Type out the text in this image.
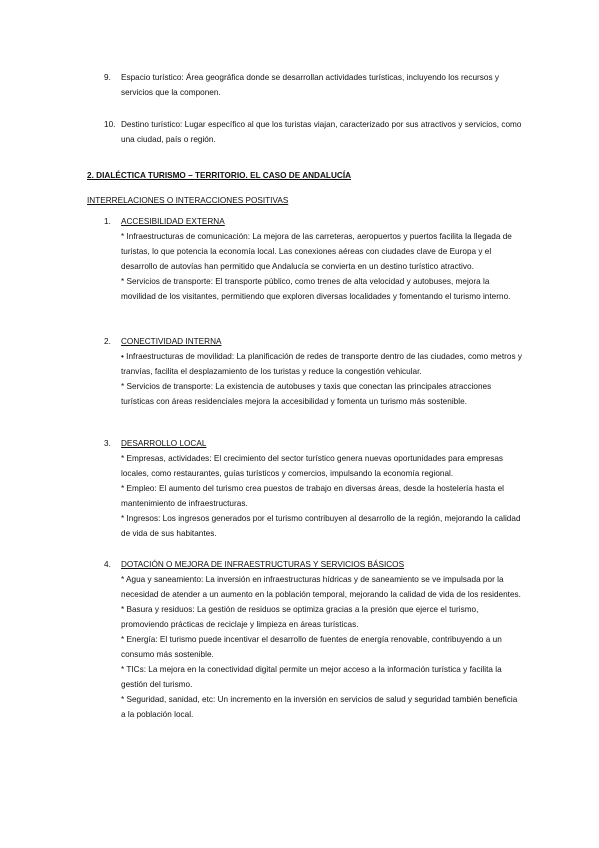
9.	Espacio turístico: Área geográfica donde se desarrollan actividades turísticas, incluyendo los recursos y servicios que la componen.
10. Destino turístico: Lugar específico al que los turistas viajan, caracterizado por sus atractivos y servicios, como una ciudad, país o región.
2. DIALÉCTICA TURISMO – TERRITORIO. EL CASO DE ANDALUCÍA
INTERRELACIONES O INTERACCIONES POSITIVAS
1.	ACCESIBILIDAD EXTERNA

* Infraestructuras de comunicación: La mejora de las carreteras, aeropuertos y puertos facilita la llegada de turistas, lo que potencia la economía local. Las conexiones aéreas con ciudades clave de Europa y el desarrollo de autovías han permitido que Andalucía se convierta en un destino turístico atractivo.

* Servicios de transporte: El transporte público, como trenes de alta velocidad y autobuses, mejora la movilidad de los visitantes, permitiendo que exploren diversas localidades y fomentando el turismo interno.

2.	CONECTIVIDAD INTERNA

• Infraestructuras de movilidad: La planificación de redes de transporte dentro de las ciudades, como metros y tranvías, facilita el desplazamiento de los turistas y reduce la congestión vehicular.

* Servicios de transporte: La existencia de autobuses y taxis que conectan las principales atracciones turísticas con áreas residenciales mejora la accesibilidad y fomenta un turismo más sostenible.

3.	DESARROLLO LOCAL

* Empresas, actividades: El crecimiento del sector turístico genera nuevas oportunidades para empresas locales, como restaurantes, guías turísticos y comercios, impulsando la economía regional.

* Empleo: El aumento del turismo crea puestos de trabajo en diversas áreas, desde la hostelería hasta el mantenimiento de infraestructuras.

* Ingresos: Los ingresos generados por el turismo contribuyen al desarrollo de la región, mejorando la calidad de vida de sus habitantes.

4.	DOTACIÓN O MEJORA DE INFRAESTRUCTURAS Y SERVICIOS BÁSICOS

* Agua y saneamiento: La inversión en infraestructuras hídricas y de saneamiento se ve impulsada por la necesidad de atender a un aumento en la población temporal, mejorando la calidad de vida de los residentes.

* Basura y residuos: La gestión de residuos se optimiza gracias a la presión que ejerce el turismo, promoviendo prácticas de reciclaje y limpieza en áreas turísticas.

* Energía: El turismo puede incentivar el desarrollo de fuentes de energía renovable, contribuyendo a un consumo más sostenible.

* TICs: La mejora en la conectividad digital permite un mejor acceso a la información turística y facilita la gestión del turismo.

* Seguridad, sanidad, etc: Un incremento en la inversión en servicios de salud y seguridad también beneficia a la población local.
